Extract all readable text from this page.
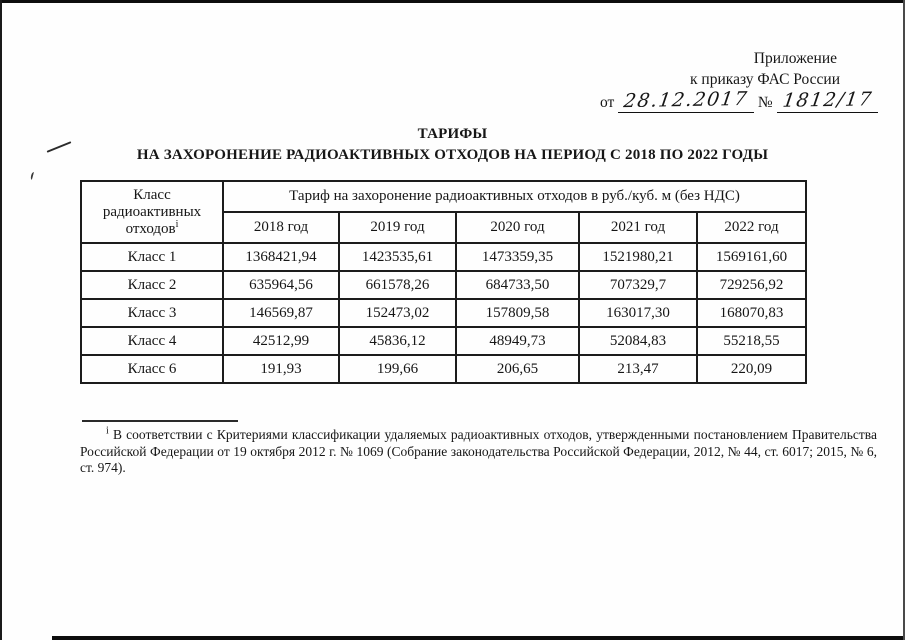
Приложение
к приказу ФАС России
от 28.12.2017 № 1812/17
ТАРИФЫ
НА ЗАХОРОНЕНИЕ РАДИОАКТИВНЫХ ОТХОДОВ НА ПЕРИОД С 2018 ПО 2022 ГОДЫ
Класс радиоактивных отходов$^i$	Тариф на захоронение радиоактивных отходов в руб./куб. м (без НДС)				
	2018 год	2019 год	2020 год	2021 год	2022 год
Класс 1	1368421,94	1423535,61	1473359,35	1521980,21	1569161,60
Класс 2	635964,56	661578,26	684733,50	707329,7	729256,92
Класс 3	146569,87	152473,02	157809,58	163017,30	168070,83
Класс 4	42512,99	45836,12	48949,73	52084,83	55218,55
Класс 6	191,93	199,66	206,65	213,47	220,09
$^i$ В соответствии с Критериями классификации удаляемых радиоактивных отходов, утвержденными постановлением Правительства Российской Федерации от 19 октября 2012 г. № 1069 (Собрание законодательства Российской Федерации, 2012, № 44, ст. 6017; 2015, № 6, ст. 974).
